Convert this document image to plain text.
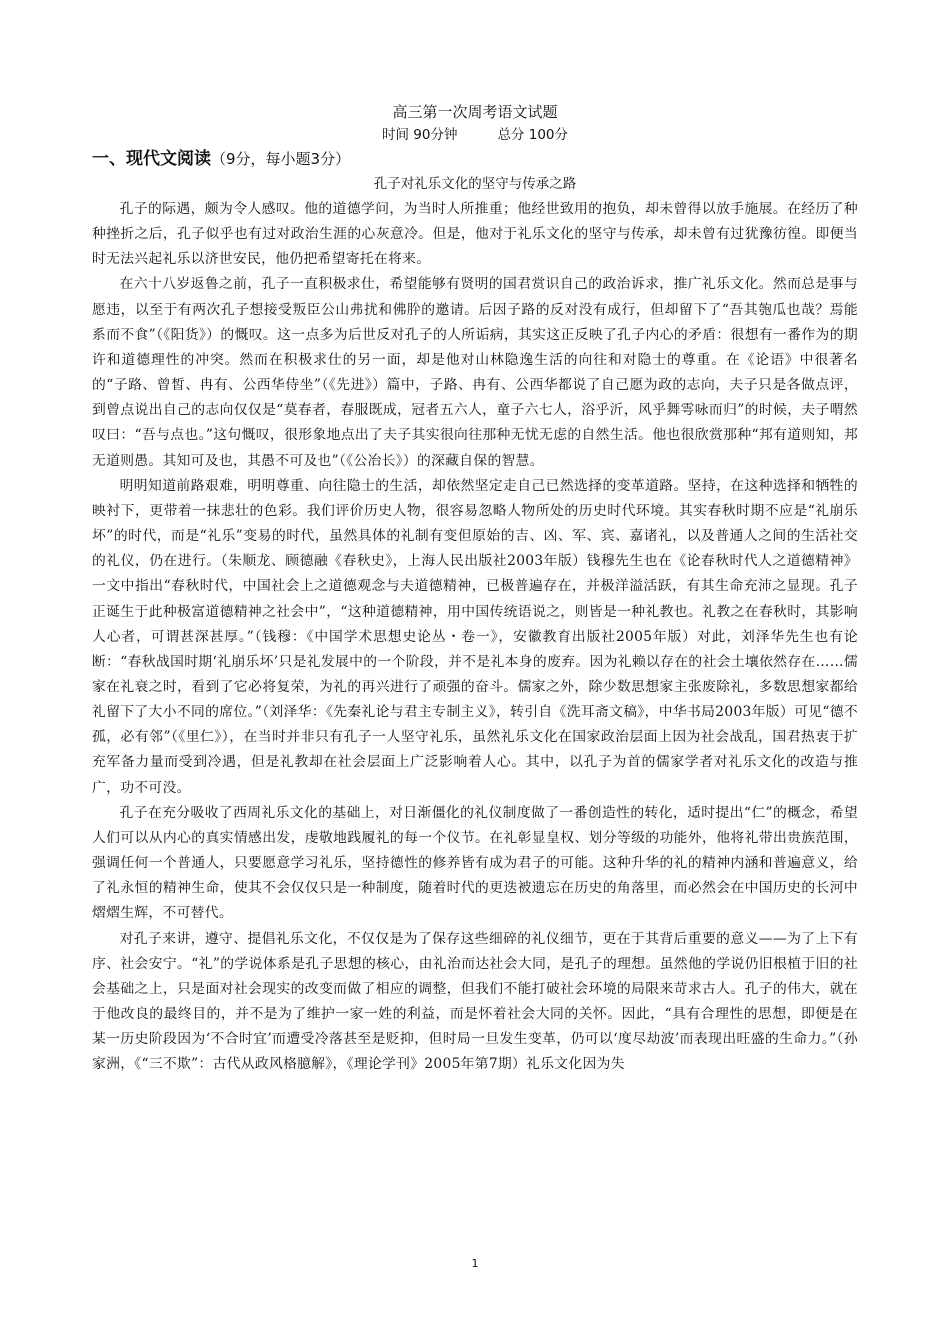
高三第一次周考语文试题

时间 90分钟	总分 100分

一、现代文阅读（9分，每小题3分）

孔子对礼乐文化的坚守与传承之路

孔子的际遇，颇为令人感叹。他的道德学问，为当时人所推重；他经世致用的抱负，却未曾得以放手施展。在经历了种种挫折之后，孔子似乎也有过对政治生涯的心灰意冷。但是，他对于礼乐文化的坚守与传承，却未曾有过犹豫彷徨。即便当时无法兴起礼乐以济世安民，他仍把希望寄托在将来。

在六十八岁返鲁之前，孔子一直积极求仕，希望能够有贤明的国君赏识自己的政治诉求，推广礼乐文化。然而总是事与愿违，以至于有两次孔子想接受叛臣公山弗扰和佛肸的邀请。后因子路的反对没有成行，但却留下了“吾其匏瓜也哉？焉能系而不食”（《阳货》）的慨叹。这一点多为后世反对孔子的人所诟病，其实这正反映了孔子内心的矛盾：很想有一番作为的期许和道德理性的冲突。然而在积极求仕的另一面，却是他对山林隐逸生活的向往和对隐士的尊重。在《论语》中很著名的“子路、曾皙、冉有、公西华侍坐”（《先进》）篇中，子路、冉有、公西华都说了自己愿为政的志向，夫子只是各做点评，到曾点说出自己的志向仅仅是“莫春者，春服既成，冠者五六人，童子六七人，浴乎沂，风乎舞雩咏而归”的时候，夫子喟然叹曰：“吾与点也。”这句慨叹，很形象地点出了夫子其实很向往那种无忧无虑的自然生活。他也很欣赏那种“邦有道则知，邦无道则愚。其知可及也，其愚不可及也”（《公冶长》）的深藏自保的智慧。

明明知道前路艰难，明明尊重、向往隐士的生活，却依然坚定走自己已然选择的变革道路。坚持，在这种选择和牺牲的映衬下，更带着一抹悲壮的色彩。我们评价历史人物，很容易忽略人物所处的历史时代环境。其实春秋时期不应是“礼崩乐坏”的时代，而是“礼乐”变易的时代，虽然具体的礼制有变但原始的吉、凶、军、宾、嘉诸礼，以及普通人之间的生活社交的礼仪，仍在进行。（朱顺龙、顾德融《春秋史》，上海人民出版社2003年版）钱穆先生也在《论春秋时代人之道德精神》一文中指出“春秋时代，中国社会上之道德观念与夫道德精神，已极普遍存在，并极洋溢活跃，有其生命充沛之显现。孔子正诞生于此种极富道德精神之社会中”，“这种道德精神，用中国传统语说之，则皆是一种礼教也。礼教之在春秋时，其影响人心者，可谓甚深甚厚。”（钱穆：《中国学术思想史论丛・卷一》，安徽教育出版社2005年版）对此，刘泽华先生也有论断：“春秋战国时期‘礼崩乐坏’只是礼发展中的一个阶段，并不是礼本身的废弃。因为礼赖以存在的社会土壤依然存在……儒家在礼衰之时，看到了它必将复荣，为礼的再兴进行了顽强的奋斗。儒家之外，除少数思想家主张废除礼，多数思想家都给礼留下了大小不同的席位。”（刘泽华：《先秦礼论与君主专制主义》，转引自《洗耳斋文稿》，中华书局2003年版）可见“德不孤，必有邻”（《里仁》），在当时并非只有孔子一人坚守礼乐，虽然礼乐文化在国家政治层面上因为社会战乱，国君热衷于扩充军备力量而受到冷遇，但是礼教却在社会层面上广泛影响着人心。其中，以孔子为首的儒家学者对礼乐文化的改造与推广，功不可没。

孔子在充分吸收了西周礼乐文化的基础上，对日渐僵化的礼仪制度做了一番创造性的转化，适时提出“仁”的概念，希望人们可以从内心的真实情感出发，虔敬地践履礼的每一个仪节。在礼彰显皇权、划分等级的功能外，他将礼带出贵族范围，强调任何一个普通人，只要愿意学习礼乐，坚持德性的修养皆有成为君子的可能。这种升华的礼的精神内涵和普遍意义，给了礼永恒的精神生命，使其不会仅仅只是一种制度，随着时代的更迭被遗忘在历史的角落里，而必然会在中国历史的长河中熠熠生辉，不可替代。

对孔子来讲，遵守、提倡礼乐文化，不仅仅是为了保存这些细碎的礼仪细节，更在于其背后重要的意义——为了上下有序、社会安宁。“礼”的学说体系是孔子思想的核心，由礼治而达社会大同，是孔子的理想。虽然他的学说仍旧根植于旧的社会基础之上，只是面对社会现实的改变而做了相应的调整，但我们不能打破社会环境的局限来苛求古人。孔子的伟大，就在于他改良的最终目的，并不是为了维护一家一姓的利益，而是怀着社会大同的关怀。因此，“具有合理性的思想，即便是在某一历史阶段因为‘不合时宜’而遭受冷落甚至是贬抑，但时局一旦发生变革，仍可以‘度尽劫波’而表现出旺盛的生命力。”（孙家洲，《“三不欺”：古代从政风格臆解》，《理论学刊》2005年第7期）礼乐文化因为失

1
